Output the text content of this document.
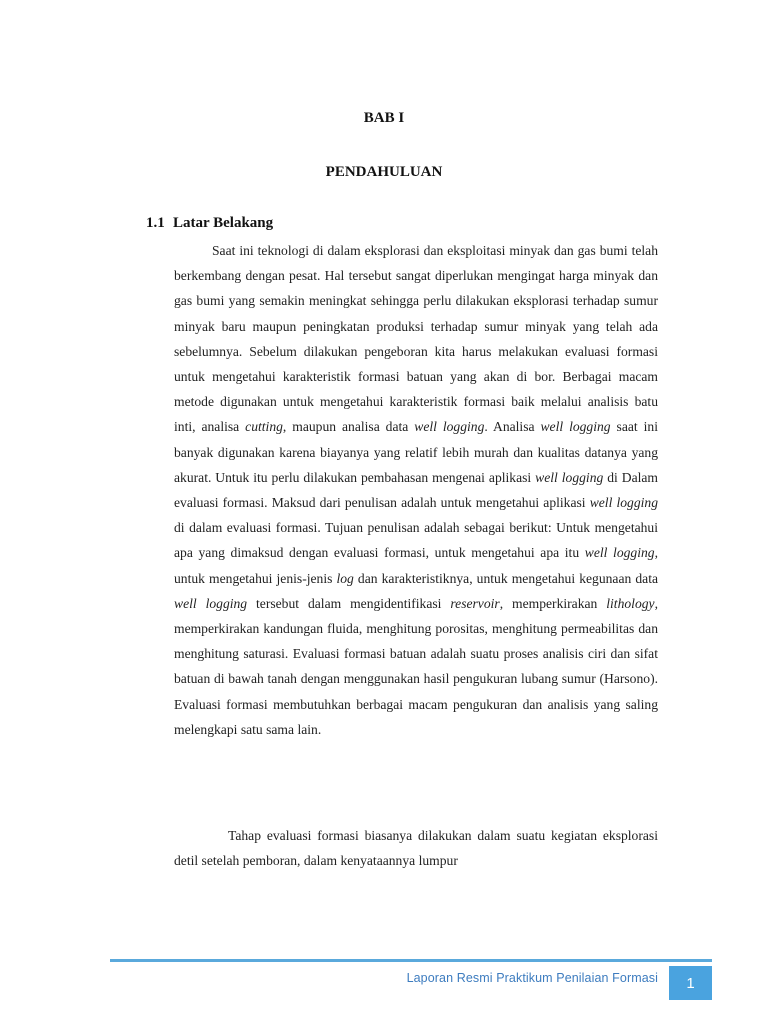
BAB I
PENDAHULUAN
1.1 Latar Belakang

Saat ini teknologi di dalam eksplorasi dan eksploitasi minyak dan gas bumi telah berkembang dengan pesat. Hal tersebut sangat diperlukan mengingat harga minyak dan gas bumi yang semakin meningkat sehingga perlu dilakukan eksplorasi terhadap sumur minyak baru maupun peningkatan produksi terhadap sumur minyak yang telah ada sebelumnya. Sebelum dilakukan pengeboran kita harus melakukan evaluasi formasi untuk mengetahui karakteristik formasi batuan yang akan di bor. Berbagai macam metode digunakan untuk mengetahui karakteristik formasi baik melalui analisis batu inti, analisa cutting, maupun analisa data well logging. Analisa well logging saat ini banyak digunakan karena biayanya yang relatif lebih murah dan kualitas datanya yang akurat. Untuk itu perlu dilakukan pembahasan mengenai aplikasi well logging di Dalam evaluasi formasi. Maksud dari penulisan adalah untuk mengetahui aplikasi well logging di dalam evaluasi formasi. Tujuan penulisan adalah sebagai berikut: Untuk mengetahui apa yang dimaksud dengan evaluasi formasi, untuk mengetahui apa itu well logging, untuk mengetahui jenis-jenis log dan karakteristiknya, untuk mengetahui kegunaan data well logging tersebut dalam mengidentifikasi reservoir, memperkirakan lithology, memperkirakan kandungan fluida, menghitung porositas, menghitung permeabilitas dan menghitung saturasi. Evaluasi formasi batuan adalah suatu proses analisis ciri dan sifat batuan di bawah tanah dengan menggunakan hasil pengukuran lubang sumur (Harsono). Evaluasi formasi membutuhkan berbagai macam pengukuran dan analisis yang saling melengkapi satu sama lain.

Tahap evaluasi formasi biasanya dilakukan dalam suatu kegiatan eksplorasi detil setelah pemboran, dalam kenyataannya lumpur

Laporan Resmi Praktikum Penilaian Formasi 1
